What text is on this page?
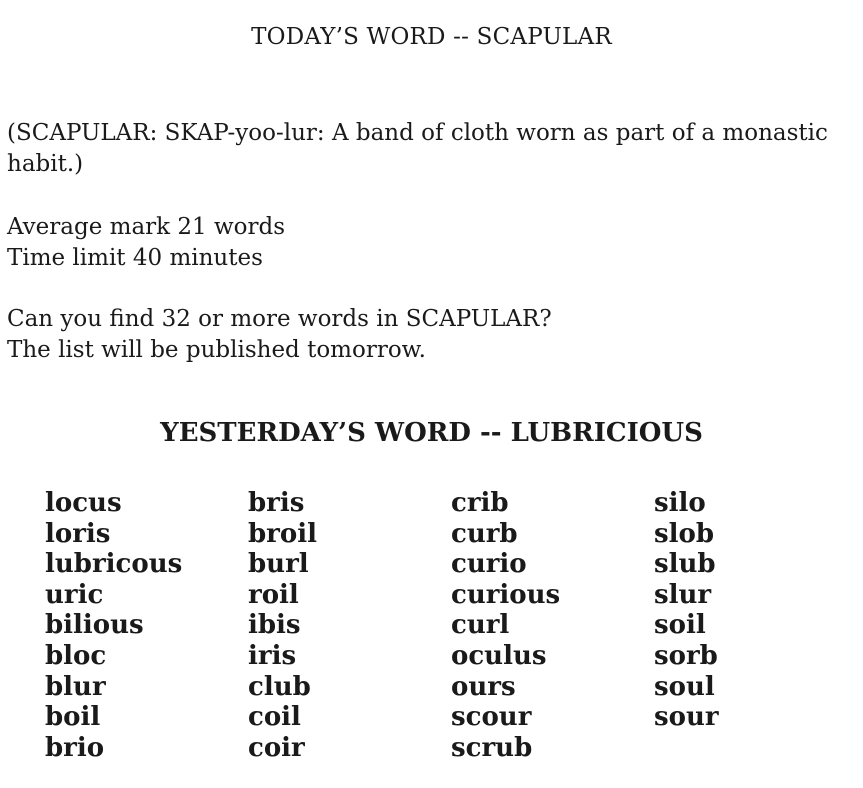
TODAY’S WORD -- SCAPULAR
(SCAPULAR: SKAP-yoo-lur: A band of cloth worn as part of a monastic habit.)
Average mark 21 words
Time limit 40 minutes
Can you find 32 or more words in SCAPULAR?
The list will be published tomorrow.
YESTERDAY’S WORD -- LUBRICIOUS
locus
loris
lubricous
uric
bilious
bloc
blur
boil
brio
bris
broil
burl
roil
ibis
iris
club
coil
coir
crib
curb
curio
curious
curl
oculus
ours
scour
scrub
silo
slob
slub
slur
soil
sorb
soul
sour
